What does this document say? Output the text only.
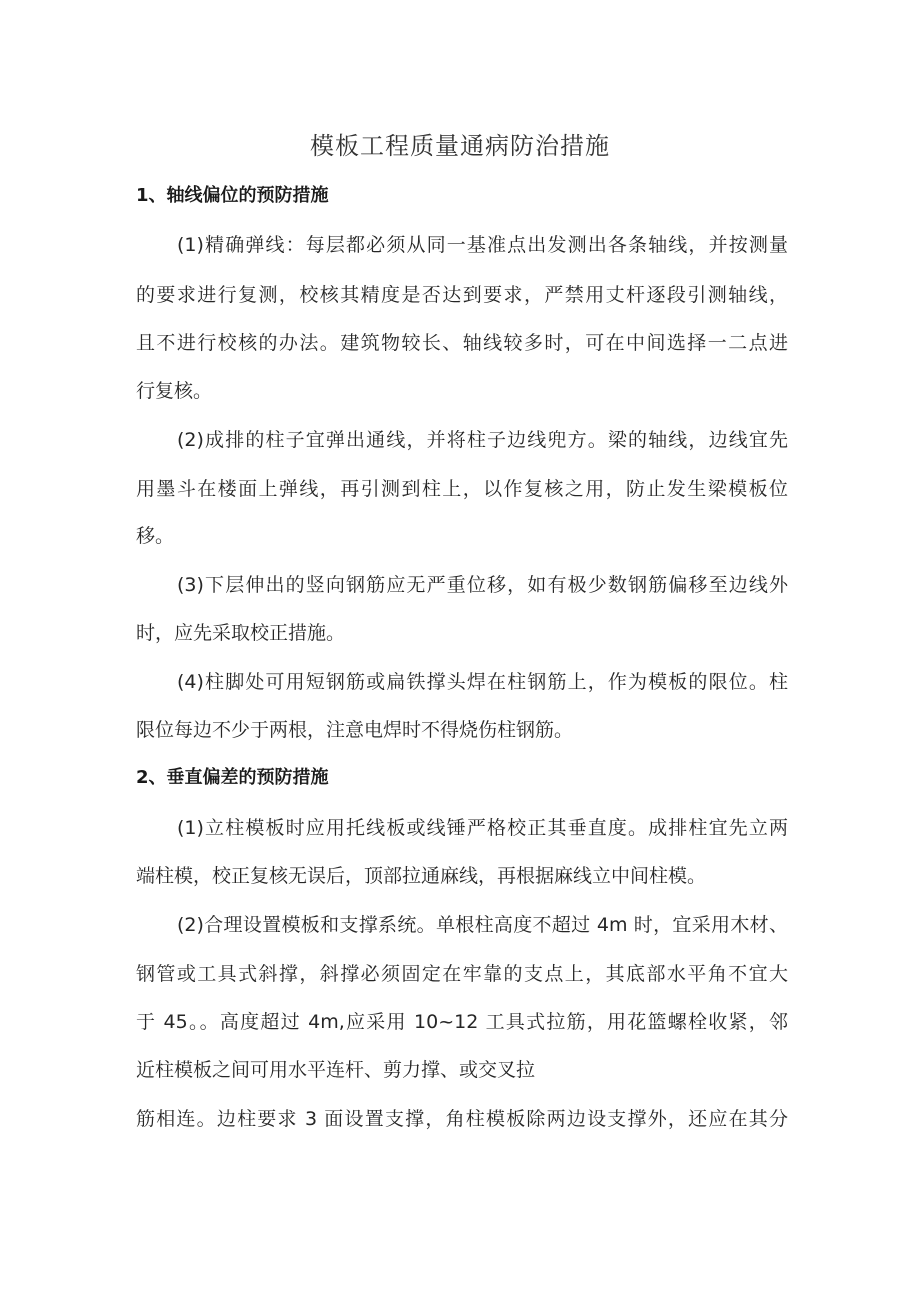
模板工程质量通病防治措施
1、轴线偏位的预防措施
(1)精确弹线：每层都必须从同一基准点出发测出各条轴线，并按测量
的要求进行复测，校核其精度是否达到要求，严禁用丈杆逐段引测轴线，
且不进行校核的办法。建筑物较长、轴线较多时，可在中间选择一二点进
行复核。
(2)成排的柱子宜弹出通线，并将柱子边线兜方。梁的轴线，边线宜先
用墨斗在楼面上弹线，再引测到柱上，以作复核之用，防止发生梁模板位
移。
(3)下层伸出的竖向钢筋应无严重位移，如有极少数钢筋偏移至边线外
时，应先采取校正措施。
(4)柱脚处可用短钢筋或扁铁撑头焊在柱钢筋上，作为模板的限位。柱
限位每边不少于两根，注意电焊时不得烧伤柱钢筋。
2、垂直偏差的预防措施
(1)立柱模板时应用托线板或线锤严格校正其垂直度。成排柱宜先立两
端柱模，校正复核无误后，顶部拉通麻线，再根据麻线立中间柱模。
(2)合理设置模板和支撑系统。单根柱高度不超过 4m 时，宜采用木材、
钢管或工具式斜撑，斜撑必须固定在牢靠的支点上，其底部水平角不宜大
于 45。。高度超过 4m,应采用 10~12 工具式拉筋，用花篮螺栓收紧，邻
近柱模板之间可用水平连杆、剪力撑、或交叉拉
筋相连。边柱要求 3 面设置支撑，角柱模板除两边设支撑外，还应在其分
